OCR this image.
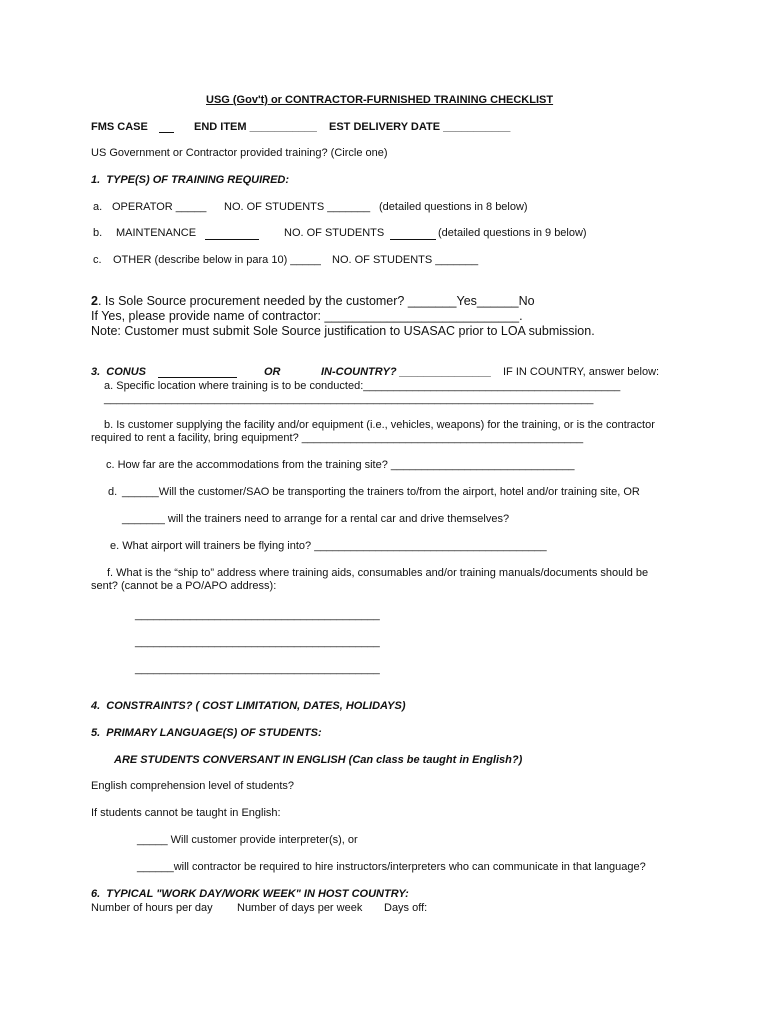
USG (Gov't) or CONTRACTOR-FURNISHED TRAINING CHECKLIST
FMS CASE	END ITEM ___________ EST DELIVERY DATE ___________
US Government or Contractor provided training? (Circle one)
1.  TYPE(S) OF TRAINING REQUIRED:
a. OPERATOR _____ NO. OF STUDENTS _______ (detailed questions in 8 below)
b. MAINTENANCE	NO. OF STUDENTS	(detailed questions in 9 below)
c. OTHER (describe below in para 10) _____ NO. OF STUDENTS _______
2. Is Sole Source procurement needed by the customer? _______Yes______No
If Yes, please provide name of contractor: ____________________________.
Note: Customer must submit Sole Source justification to USASAC prior to LOA submission.
3.  CONUS	OR	IN-COUNTRY? _______________ IF IN COUNTRY, answer below:
a. Specific location where training is to be conducted:__________________________________________
________________________________________________________________________________
b. Is customer supplying the facility and/or equipment (i.e., vehicles, weapons) for the training, or is the contractor
required to rent a facility, bring equipment? ______________________________________________
c. How far are the accommodations from the training site? ______________________________
d. ______Will the customer/SAO be transporting the trainers to/from the airport, hotel and/or training site, OR
_______ will the trainers need to arrange for a rental car and drive themselves?
e. What airport will trainers be flying into? ______________________________________
f. What is the “ship to” address where training aids, consumables and/or training manuals/documents should be
sent? (cannot be a PO/APO address):
________________________________________
________________________________________
________________________________________
4.  CONSTRAINTS? ( COST LIMITATION, DATES, HOLIDAYS)
5.  PRIMARY LANGUAGE(S) OF STUDENTS:
ARE STUDENTS CONVERSANT IN ENGLISH (Can class be taught in English?)
English comprehension level of students?
If students cannot be taught in English:
_____ Will customer provide interpreter(s), or
______will contractor be required to hire instructors/interpreters who can communicate in that language?
6.  TYPICAL "WORK DAY/WORK WEEK" IN HOST COUNTRY:
Number of hours per day Number of days per week Days off:
